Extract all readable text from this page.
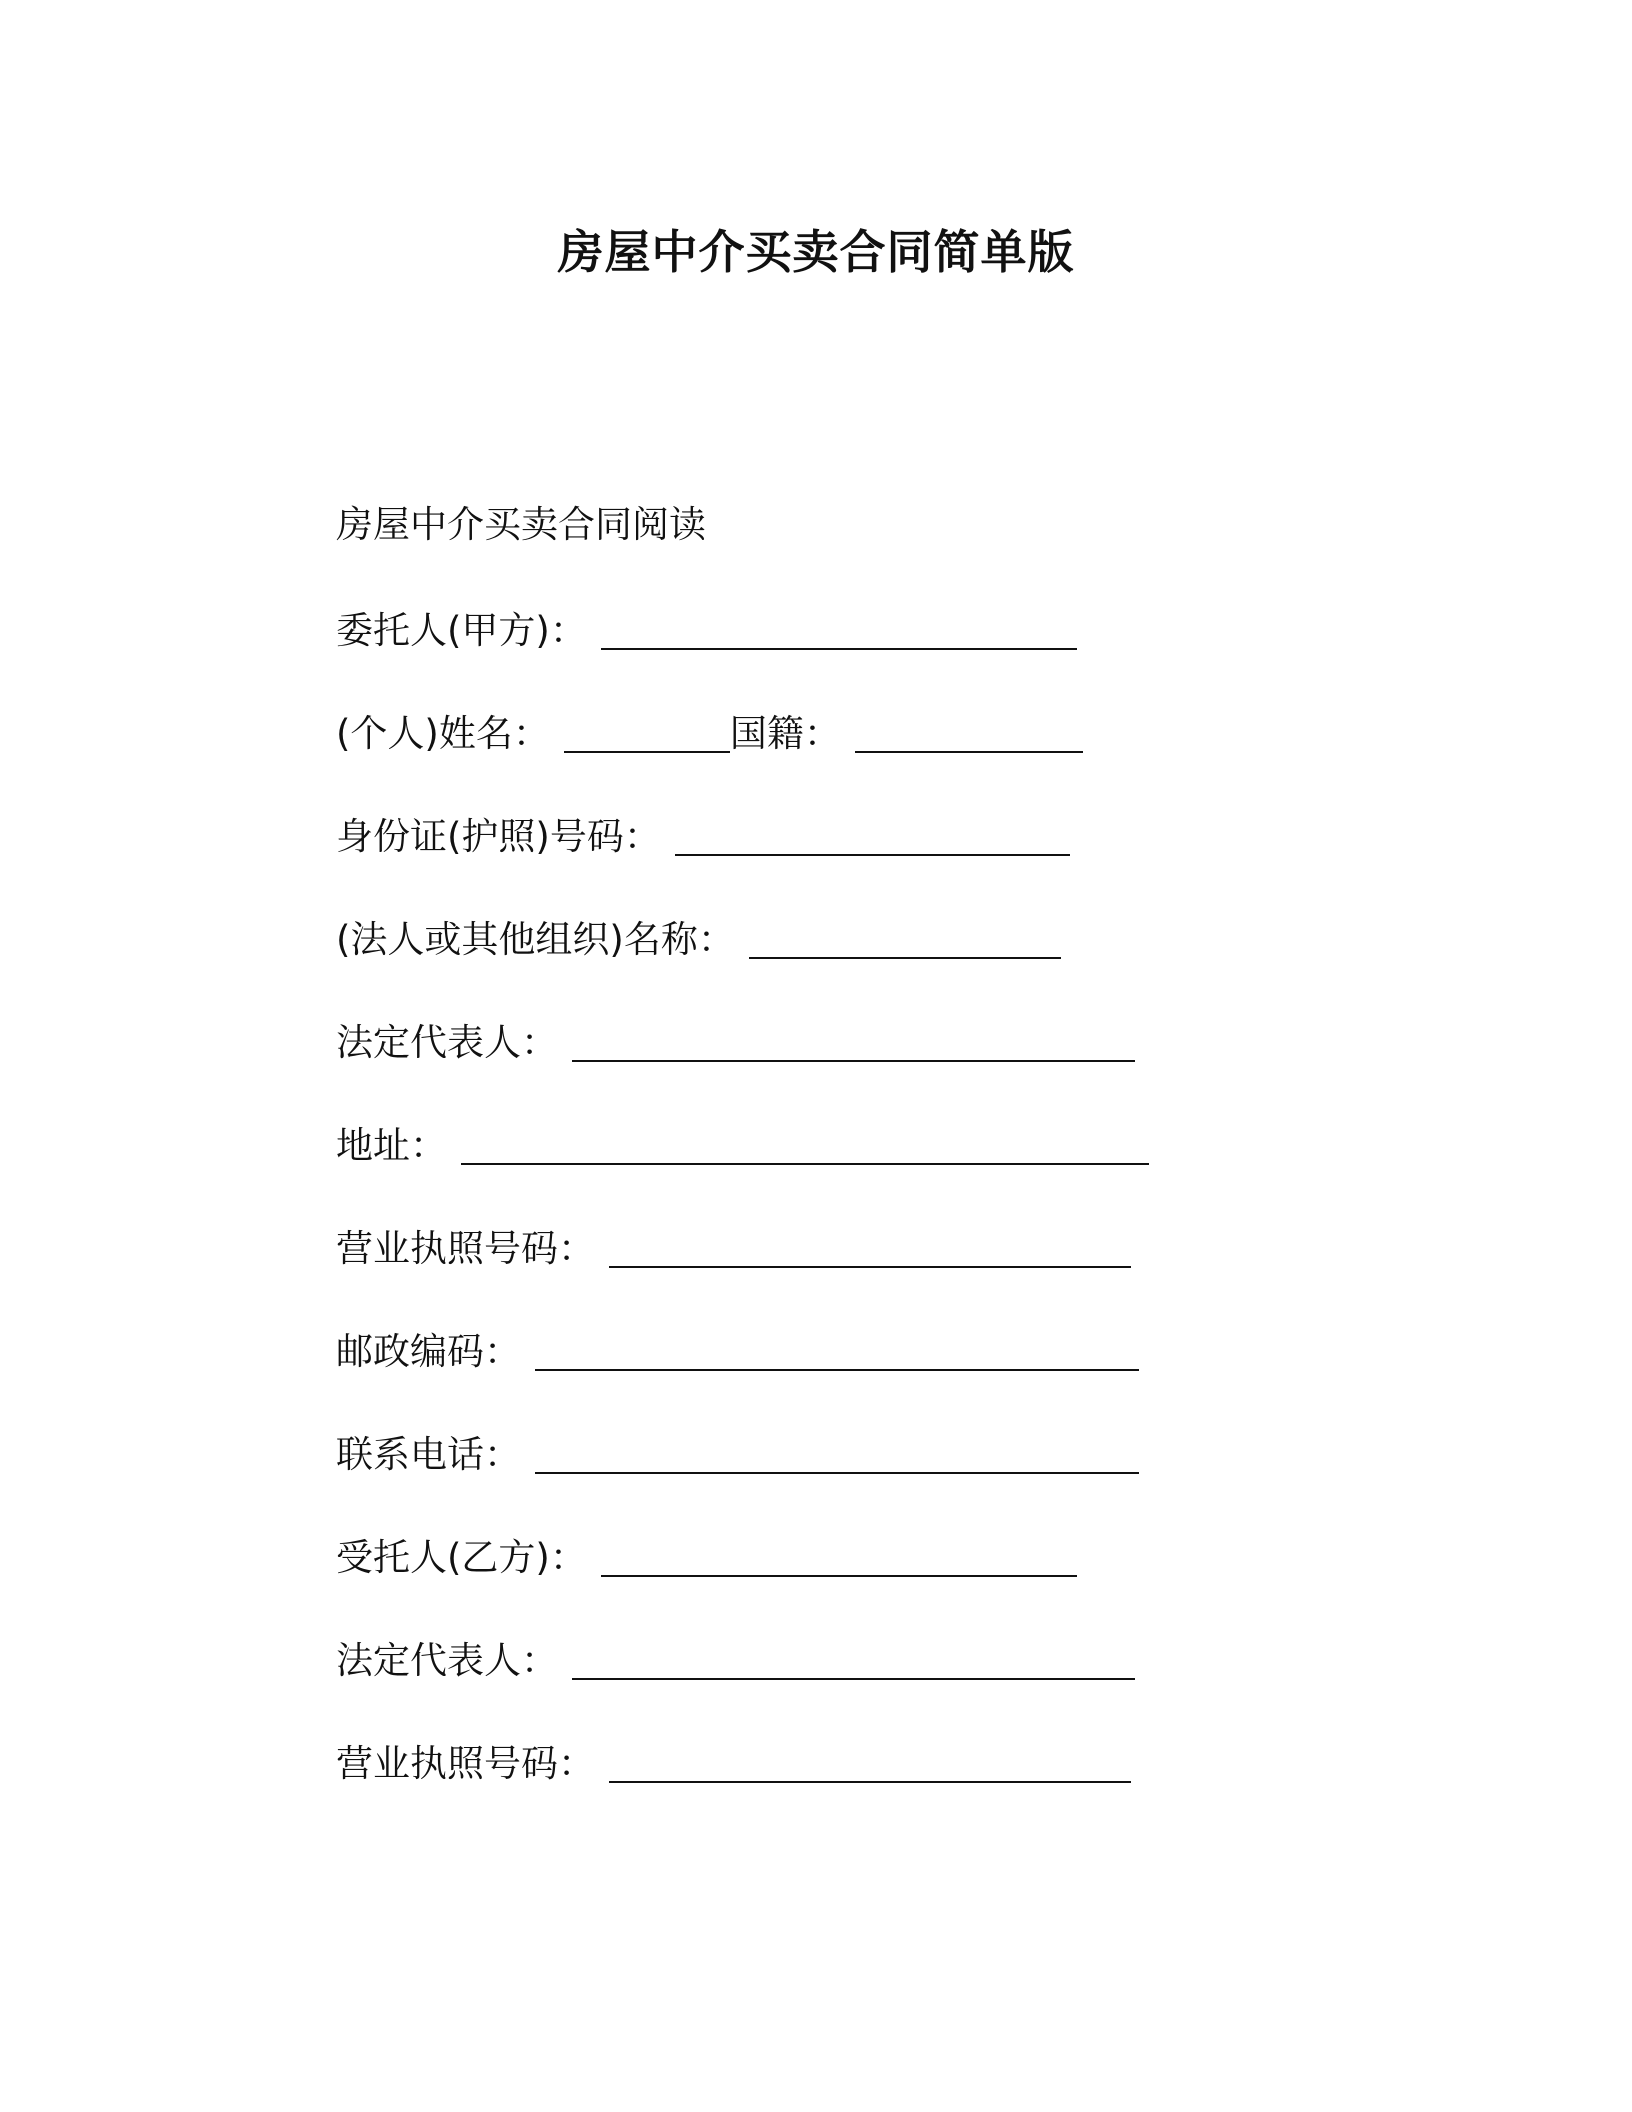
房屋中介买卖合同简单版
房屋中介买卖合同阅读
委托人(甲方)：
(个人)姓名：	国籍：
身份证(护照)号码：
(法人或其他组织)名称：
法定代表人：
地址：
营业执照号码：
邮政编码：
联系电话：
受托人(乙方)：
法定代表人：
营业执照号码：
